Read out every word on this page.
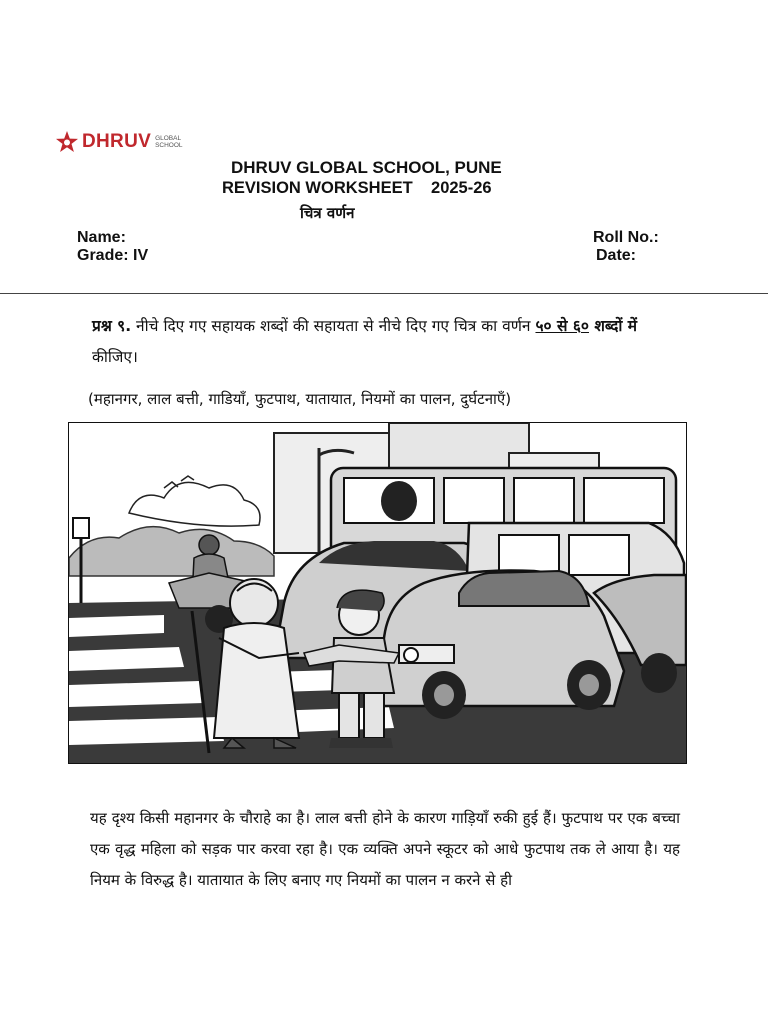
DHRUV GLOBAL
SCHOOL
DHRUV GLOBAL SCHOOL, PUNE
REVISION WORKSHEET    2025-26
चित्र वर्णन
Name:
Grade: IV
Roll No.:
Date:
प्रश्न ९. नीचे दिए गए सहायक शब्दों की सहायता से नीचे दिए गए चित्र का वर्णन ५० से ६० शब्दों में कीजिए।
(महानगर, लाल बत्ती, गाडियाँ, फुटपाथ, यातायात, नियमों का पालन, दुर्घटनाएँ)
यह दृश्य किसी महानगर के चौराहे का है। लाल बत्ती होने के कारण गाड़ियाँ रुकी हुई हैं। फुटपाथ पर एक बच्चा एक वृद्ध महिला को सड़क पार करवा रहा है। एक व्यक्ति अपने स्कूटर को आधे फुटपाथ तक ले आया है। यह नियम के विरुद्ध है। यातायात के लिए बनाए गए नियमों का पालन न करने से ही
